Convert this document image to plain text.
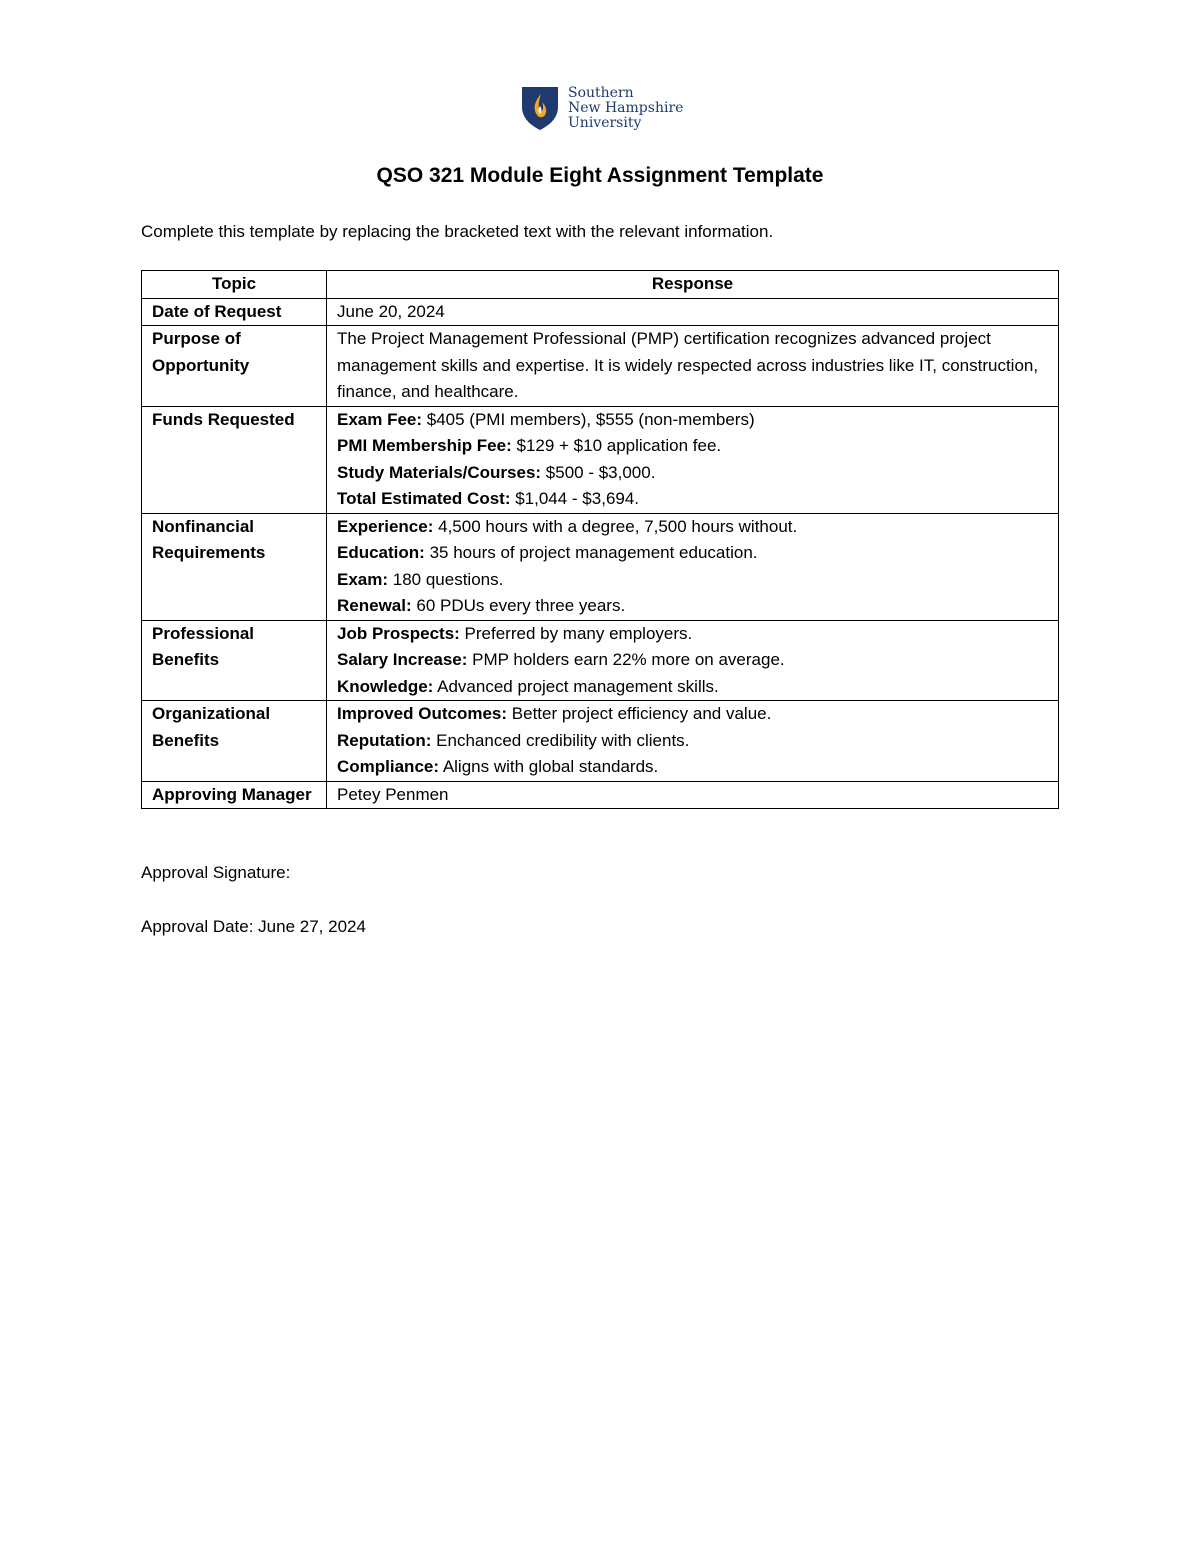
Southern
New Hampshire
University
QSO 321 Module Eight Assignment Template
Complete this template by replacing the bracketed text with the relevant information.
Topic	Response
Date of Request	June 20, 2024

Purpose of Opportunity	The Project Management Professional (PMP) certification recognizes advanced project management skills and expertise. It is widely respected across industries like IT, construction, finance, and healthcare.

Funds Requested	Exam Fee: $405 (PMI members), $555 (non-members)
PMI Membership Fee: $129 + $10 application fee.
Study Materials/Courses: $500 - $3,000.
Total Estimated Cost: $1,044 - $3,694.

Nonfinancial Requirements	Experience: 4,500 hours with a degree, 7,500 hours without.
Education: 35 hours of project management education.
Exam: 180 questions.
Renewal: 60 PDUs every three years.

Professional Benefits	Job Prospects: Preferred by many employers.
Salary Increase: PMP holders earn 22% more on average.
Knowledge: Advanced project management skills.

Organizational Benefits	Improved Outcomes: Better project efficiency and value.
Reputation: Enchanced credibility with clients.
Compliance: Aligns with global standards.

Approving Manager	Petey Penmen
Approval Signature:
Approval Date: June 27, 2024
